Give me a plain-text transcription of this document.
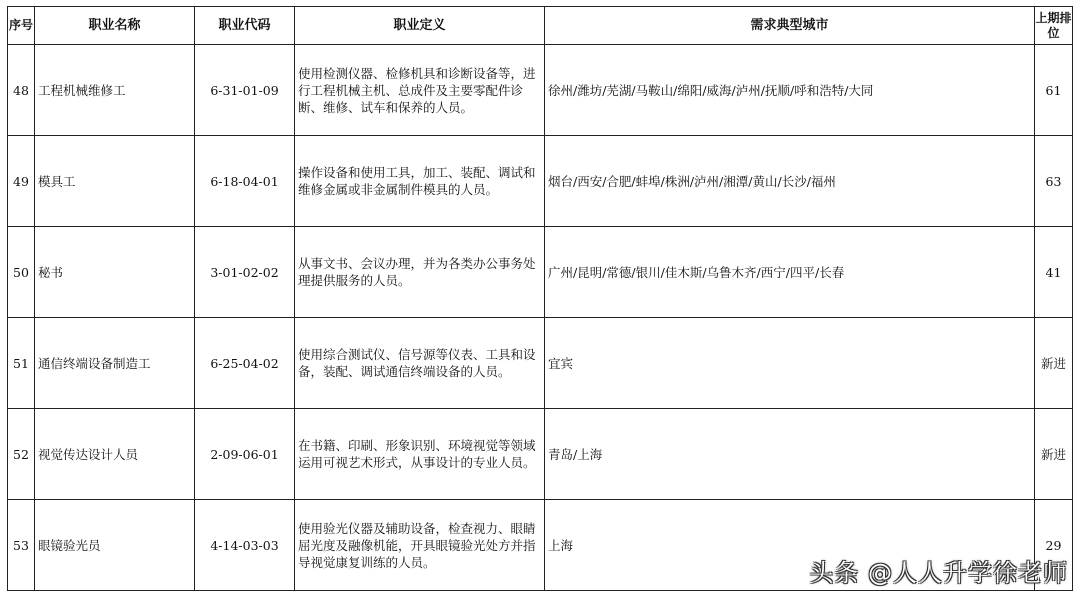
序号	职业名称	职业代码	职业定义	需求典型城市	上期排位
48	工程机械维修工	6-31-01-09	使用检测仪器、检修机具和诊断设备等，进行工程机械主机、总成件及主要零配件诊断、维修、试车和保养的人员。	徐州/潍坊/芜湖/马鞍山/绵阳/威海/泸州/抚顺/呼和浩特/大同	61
49	模具工	6-18-04-01	操作设备和使用工具，加工、装配、调试和维修金属或非金属制件模具的人员。	烟台/西安/合肥/蚌埠/株洲/泸州/湘潭/黄山/长沙/福州	63
50	秘书	3-01-02-02	从事文书、会议办理，并为各类办公事务处理提供服务的人员。	广州/昆明/常德/银川/佳木斯/乌鲁木齐/西宁/四平/长春	41
51	通信终端设备制造工	6-25-04-02	使用综合测试仪、信号源等仪表、工具和设备，装配、调试通信终端设备的人员。	宜宾	新进
52	视觉传达设计人员	2-09-06-01	在书籍、印刷、形象识别、环境视觉等领域运用可视艺术形式，从事设计的专业人员。	青岛/上海	新进
53	眼镜验光员	4-14-03-03	使用验光仪器及辅助设备，检查视力、眼睛屈光度及融像机能，开具眼镜验光处方并指导视觉康复训练的人员。	上海	29
头条 @人人升学徐老师
